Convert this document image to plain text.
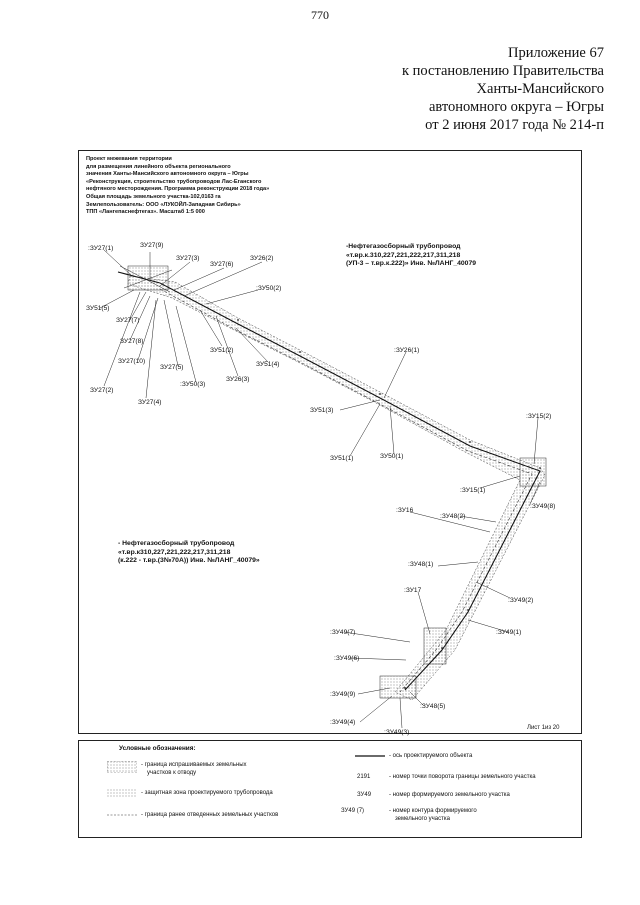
770
Приложение 67
к постановлению Правительства
Ханты-Мансийского
автономного округа – Югры
от 2 июня 2017 года № 214-п
Проект межевания территории
для размещения линейного объекта регионального
значения Ханты-Мансийского автономного округа – Югры
«Реконструкция, строительство трубопроводов Лас-Еганского
нефтяного месторождения. Программа реконструкции 2018 года»
Общая площадь земельного участка-102,0163 га
Землепользователь: ООО «ЛУКОЙЛ-Западная Сибирь»
ТПП «Лангепаснефтегаз». Масштаб 1:5 000
:ЗУ27(1)	ЗУ27(9)
ЗУ27(3)
ЗУ27(6)
ЗУ26(2)
:ЗУ50(2)
ЗУ51(5)
ЗУ27(7)
ЗУ27(8)
ЗУ27(10)
ЗУ27(5)
ЗУ51(2)
ЗУ51(4)
ЗУ27(2)
ЗУ27(4)
:ЗУ50(3)
ЗУ26(3)
:ЗУ26(1)
ЗУ51(3)
ЗУ51(1)	ЗУ50(1)
:ЗУ15(2)
:ЗУ15(1)
:ЗУ49(8)
:ЗУ16
:ЗУ48(2)
:ЗУ48(1)
:ЗУ49(2)
:ЗУ17
:ЗУ49(1)
:ЗУ49(7)
:ЗУ49(6)
:ЗУ49(9)
:ЗУ48(5)
:ЗУ49(4)
:ЗУ49(3)
-Нефтегазосборный трубопровод
«т.вр.к.310,227,221,222,217,311,218
(УП-3 – т.вр.к.222)» Инв. №ЛАНГ_40079
- Нефтегазосборный трубопровод
«т.вр.к310,227,221,222,217,311,218
(к.222 - т.вр.(3№70А)) Инв. №ЛАНГ_40079»
Лист 1из 20
Условные обозначения:
- граница испрашиваемых земельных
участков к отводу
- защитная зона проектируемого трубопровода
- граница ранее отведенных земельных участков
- ось проектируемого объекта
2191	- номер точки поворота границы земельного участка
ЗУ49	- номер формируемого земельного участка
ЗУ49 (7)	- номер контура формируемого
земельного участка
